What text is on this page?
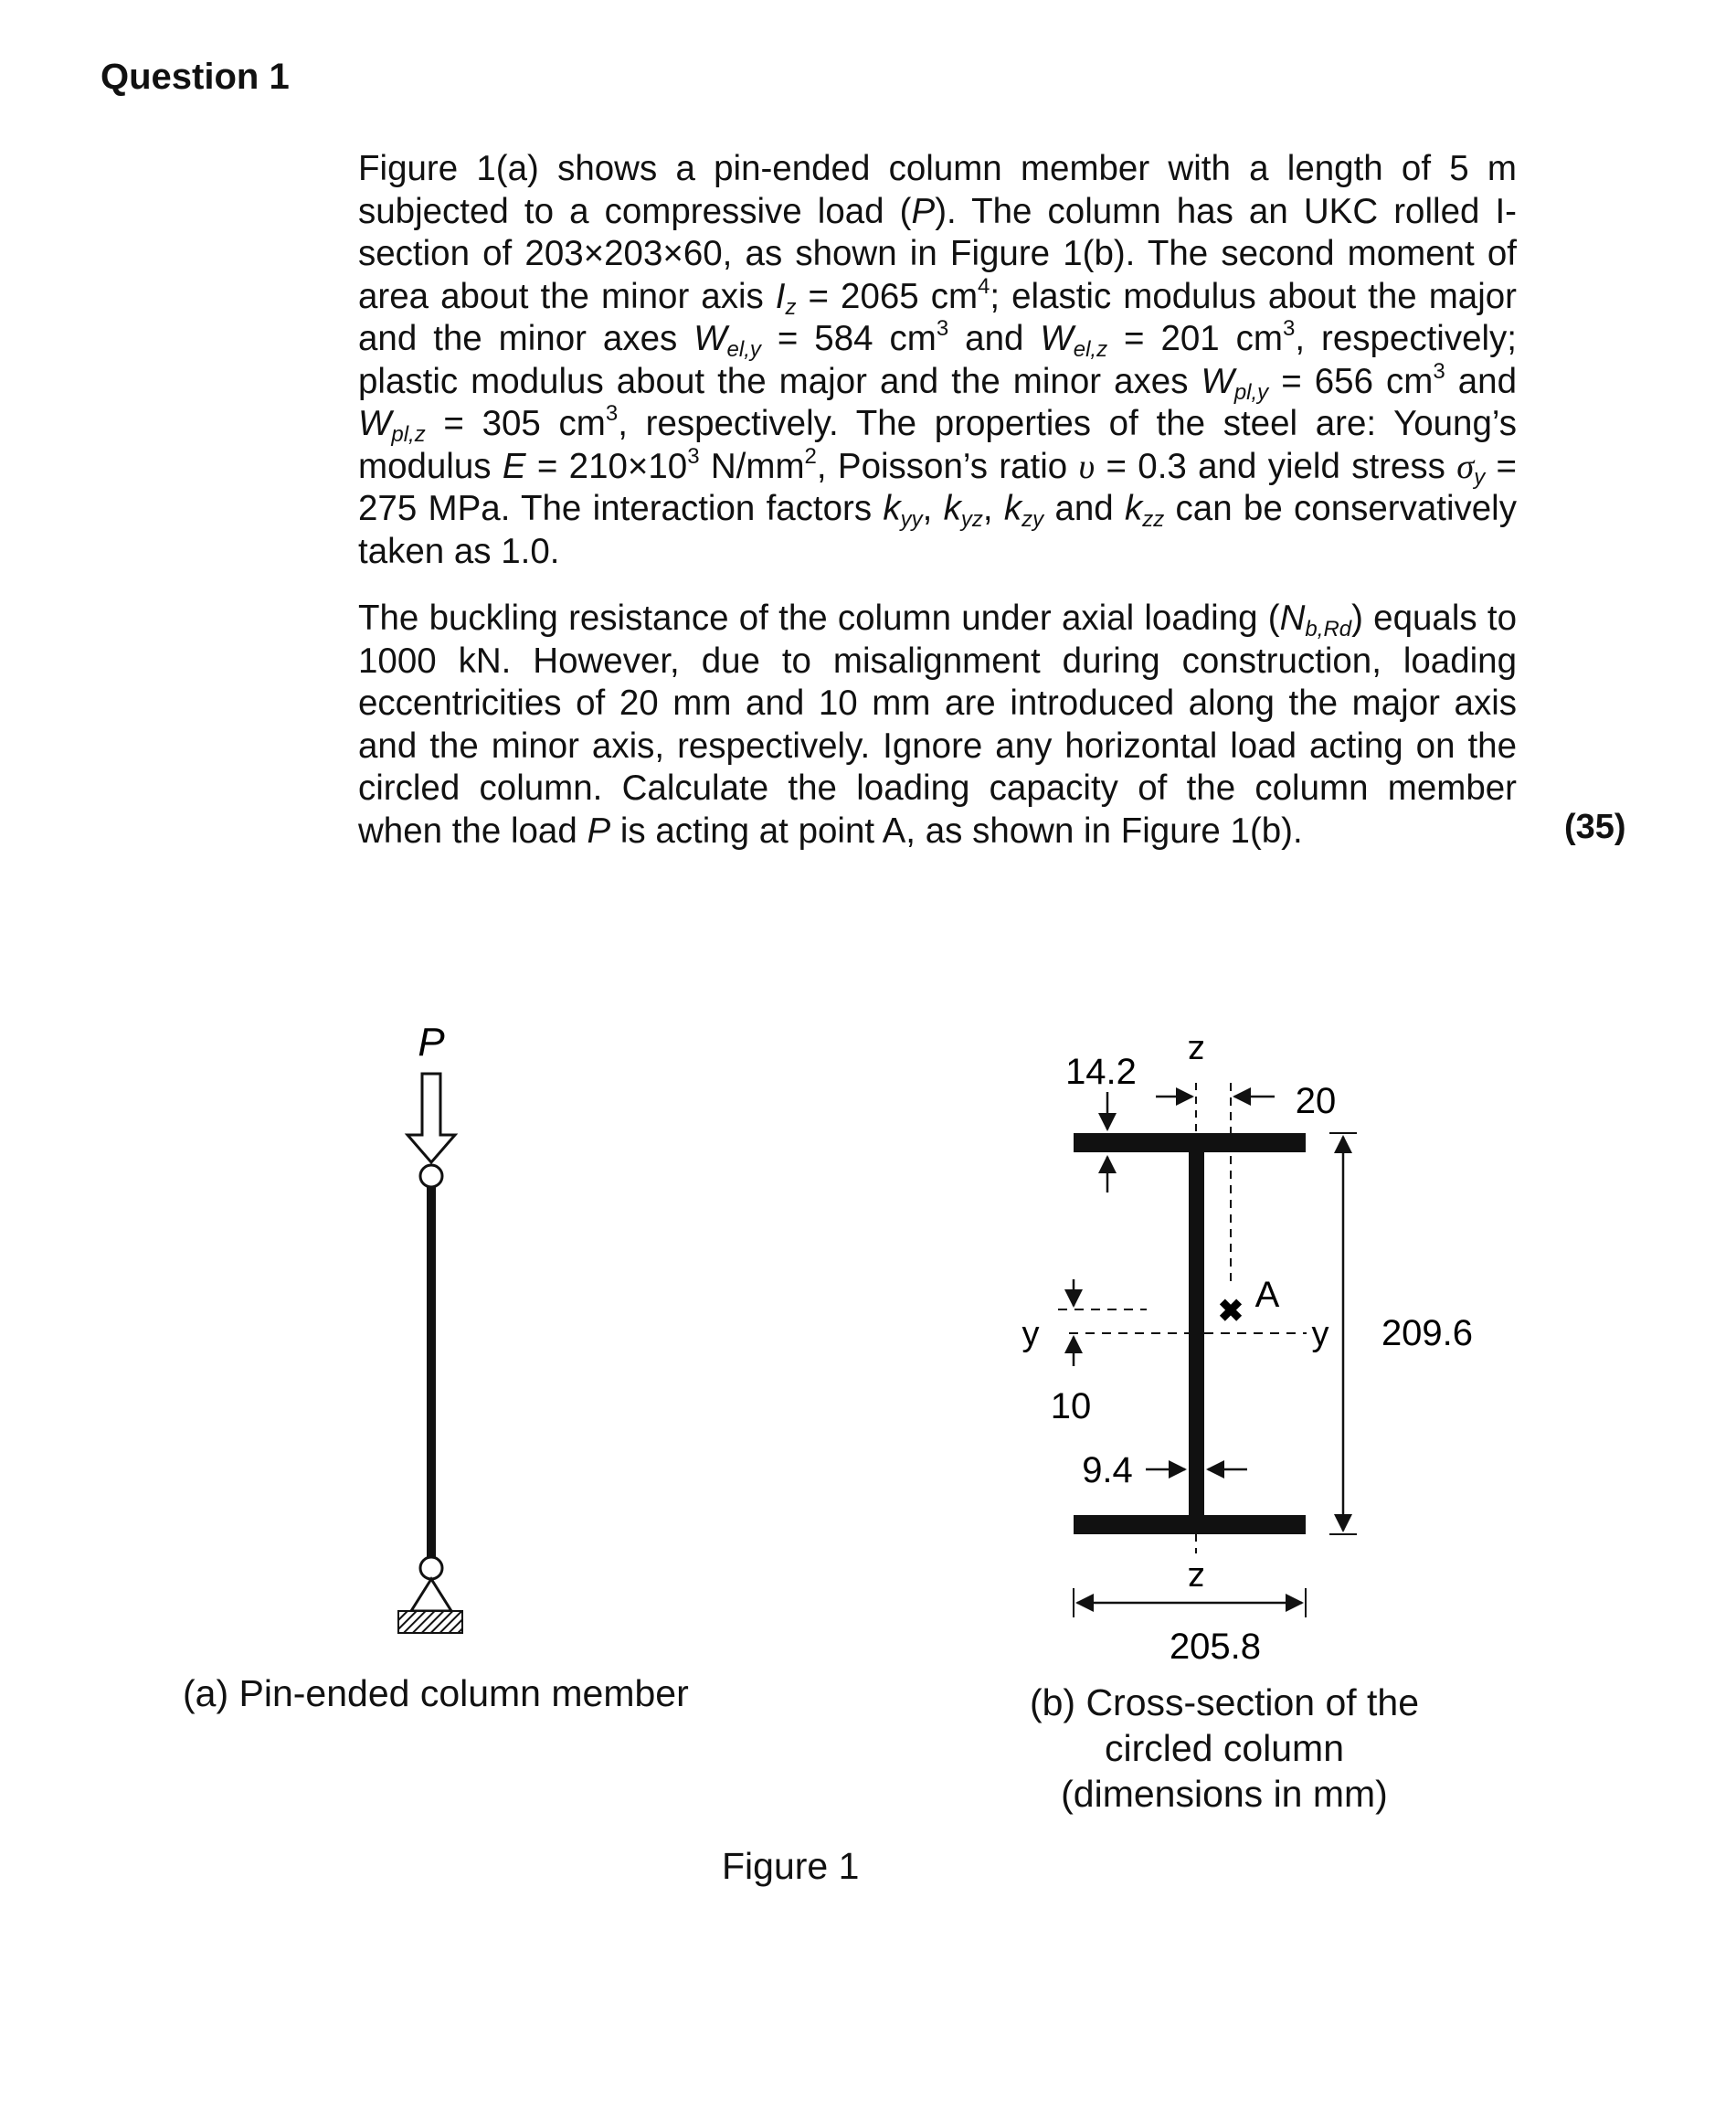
Question 1

Figure 1(a) shows a pin-ended column member with a length of 5 m subjected to a compressive load (P). The column has an UKC rolled I-section of 203×203×60, as shown in Figure 1(b). The second moment of area about the minor axis $I_z = 2065$ $cm^4$; elastic modulus about the major and the minor axes $W_{el,y} = 584$ $cm^3$ and $W_{el,z} = 201$ $cm^3$, respectively; plastic modulus about the major and the minor axes $W_{pl,y} = 656$ $cm^3$ and $W_{pl,z} = 305$ $cm^3$, respectively. The properties of the steel are: Young’s modulus $E = 210\times 10^3$ $N/mm^2$, Poisson’s ratio υ = 0.3 and yield stress $\sigma_y = 275$ MPa. The interaction factors $k_{yy}$, $k_{yz}$, $k_{zy}$ and $k_{zz}$ can be conservatively taken as 1.0.

The buckling resistance of the column under axial loading $(N_{b,Rd})$ equals to 1000 kN. However, due to misalignment during construction, loading eccentricities of 20 mm and 10 mm are introduced along the major axis and the minor axis, respectively. Ignore any horizontal load acting on the circled column. Calculate the loading capacity of the column member when the load P is acting at point A, as shown in Figure 1(b).	(35)
P	z
z
y	y
✖ A
14.2
20
10
9.4
209.6
205.8
(a) Pin-ended column member	(b) Cross-section of the
circled column
(dimensions in mm)
Figure 1
